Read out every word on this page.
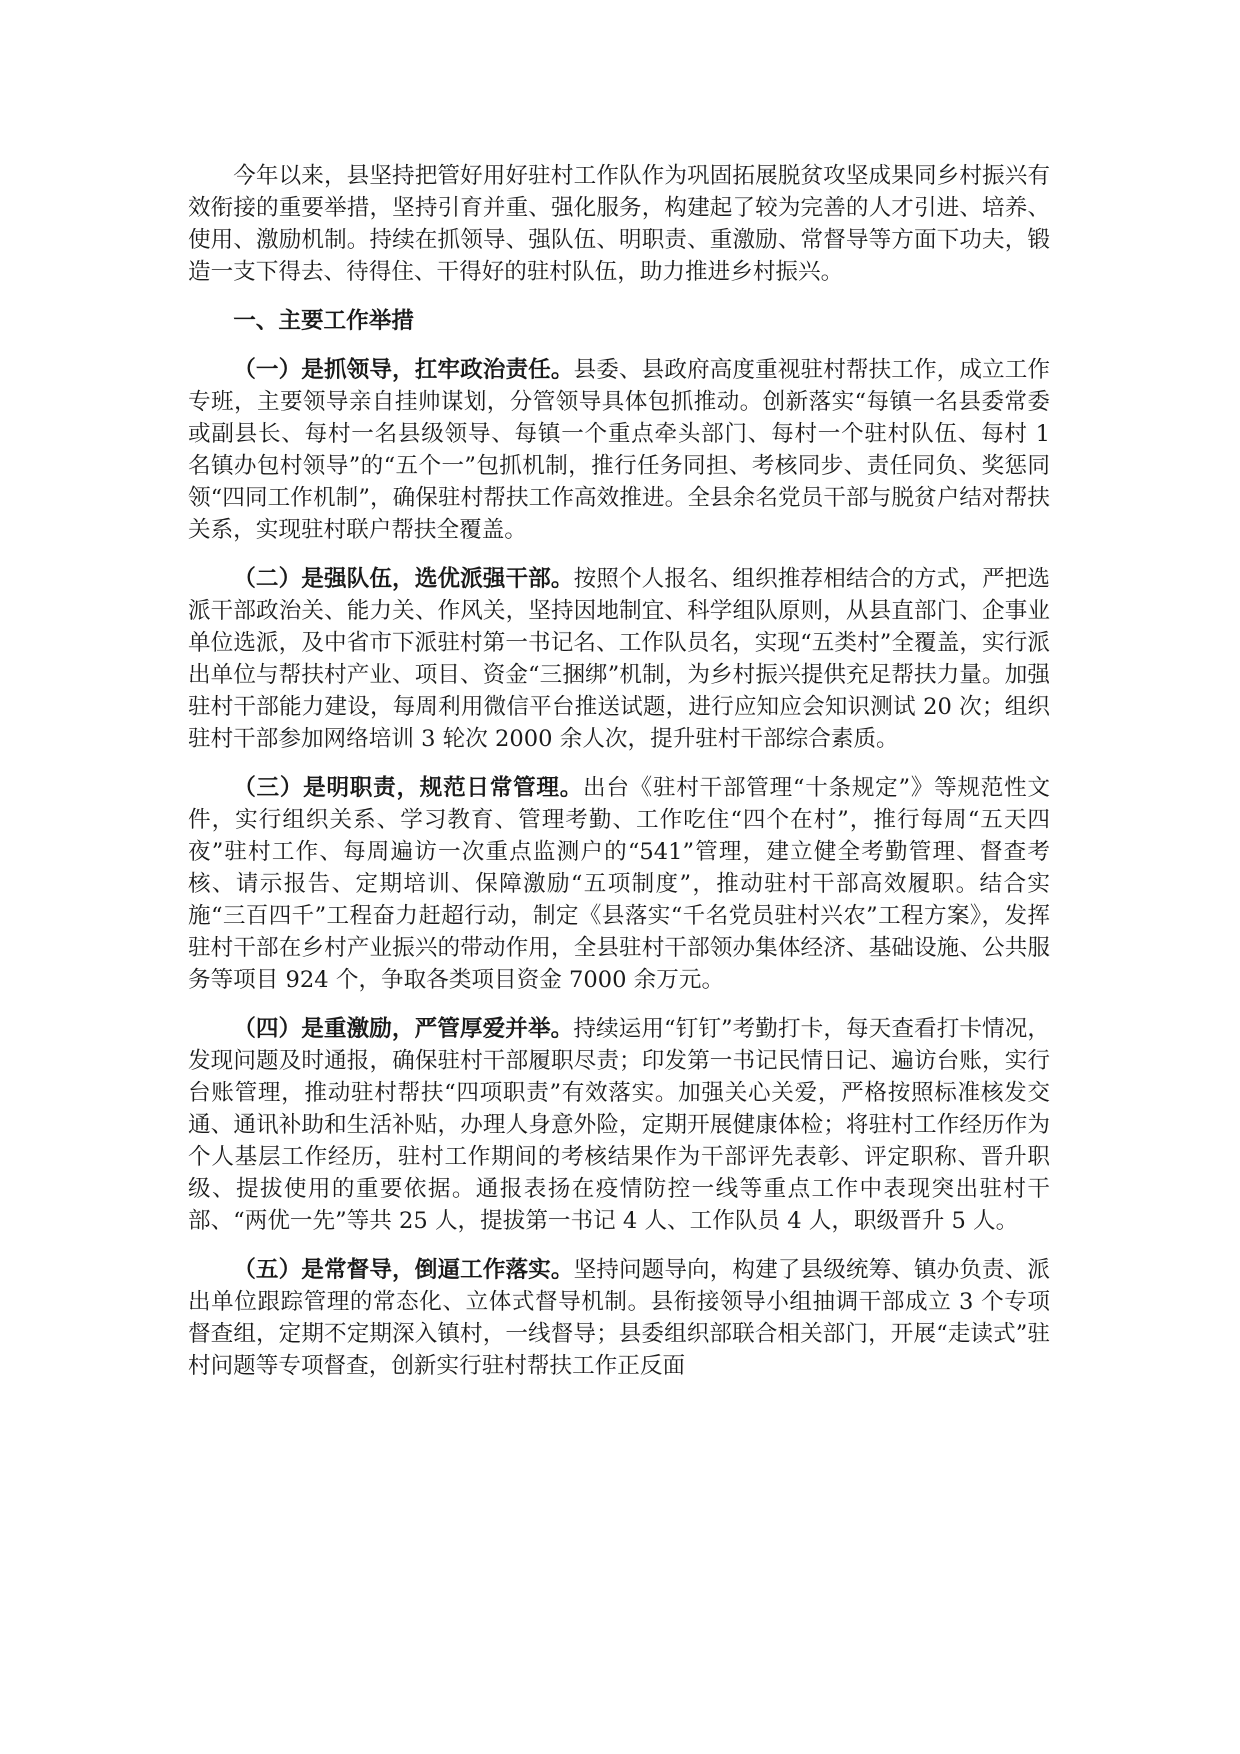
今年以来，县坚持把管好用好驻村工作队作为巩固拓展脱贫攻坚成果同乡村振兴有效衔接的重要举措，坚持引育并重、强化服务，构建起了较为完善的人才引进、培养、使用、激励机制。持续在抓领导、强队伍、明职责、重激励、常督导等方面下功夫，锻造一支下得去、待得住、干得好的驻村队伍，助力推进乡村振兴。

一、主要工作举措

（一）是抓领导，扛牢政治责任。县委、县政府高度重视驻村帮扶工作，成立工作专班，主要领导亲自挂帅谋划，分管领导具体包抓推动。创新落实“每镇一名县委常委或副县长、每村一名县级领导、每镇一个重点牵头部门、每村一个驻村队伍、每村 1 名镇办包村领导”的“五个一”包抓机制，推行任务同担、考核同步、责任同负、奖惩同领“四同工作机制”，确保驻村帮扶工作高效推进。全县余名党员干部与脱贫户结对帮扶关系，实现驻村联户帮扶全覆盖。

（二）是强队伍，选优派强干部。按照个人报名、组织推荐相结合的方式，严把选派干部政治关、能力关、作风关，坚持因地制宜、科学组队原则，从县直部门、企事业单位选派，及中省市下派驻村第一书记名、工作队员名，实现“五类村”全覆盖，实行派出单位与帮扶村产业、项目、资金“三捆绑”机制，为乡村振兴提供充足帮扶力量。加强驻村干部能力建设，每周利用微信平台推送试题，进行应知应会知识测试 20 次；组织驻村干部参加网络培训 3 轮次 2000 余人次，提升驻村干部综合素质。

（三）是明职责，规范日常管理。出台《驻村干部管理“十条规定”》等规范性文件，实行组织关系、学习教育、管理考勤、工作吃住“四个在村”，推行每周“五天四夜”驻村工作、每周遍访一次重点监测户的“541”管理，建立健全考勤管理、督查考核、请示报告、定期培训、保障激励“五项制度”，推动驻村干部高效履职。结合实施“三百四千”工程奋力赶超行动，制定《县落实“千名党员驻村兴农”工程方案》，发挥驻村干部在乡村产业振兴的带动作用，全县驻村干部领办集体经济、基础设施、公共服务等项目 924 个，争取各类项目资金 7000 余万元。

（四）是重激励，严管厚爱并举。持续运用“钉钉”考勤打卡，每天查看打卡情况，发现问题及时通报，确保驻村干部履职尽责；印发第一书记民情日记、遍访台账，实行台账管理，推动驻村帮扶“四项职责”有效落实。加强关心关爱，严格按照标准核发交通、通讯补助和生活补贴，办理人身意外险，定期开展健康体检；将驻村工作经历作为个人基层工作经历，驻村工作期间的考核结果作为干部评先表彰、评定职称、晋升职级、提拔使用的重要依据。通报表扬在疫情防控一线等重点工作中表现突出驻村干部、“两优一先”等共 25 人，提拔第一书记 4 人、工作队员 4 人，职级晋升 5 人。

（五）是常督导，倒逼工作落实。坚持问题导向，构建了县级统筹、镇办负责、派出单位跟踪管理的常态化、立体式督导机制。县衔接领导小组抽调干部成立 3 个专项督查组，定期不定期深入镇村，一线督导；县委组织部联合相关部门，开展“走读式”驻村问题等专项督查，创新实行驻村帮扶工作正反面
